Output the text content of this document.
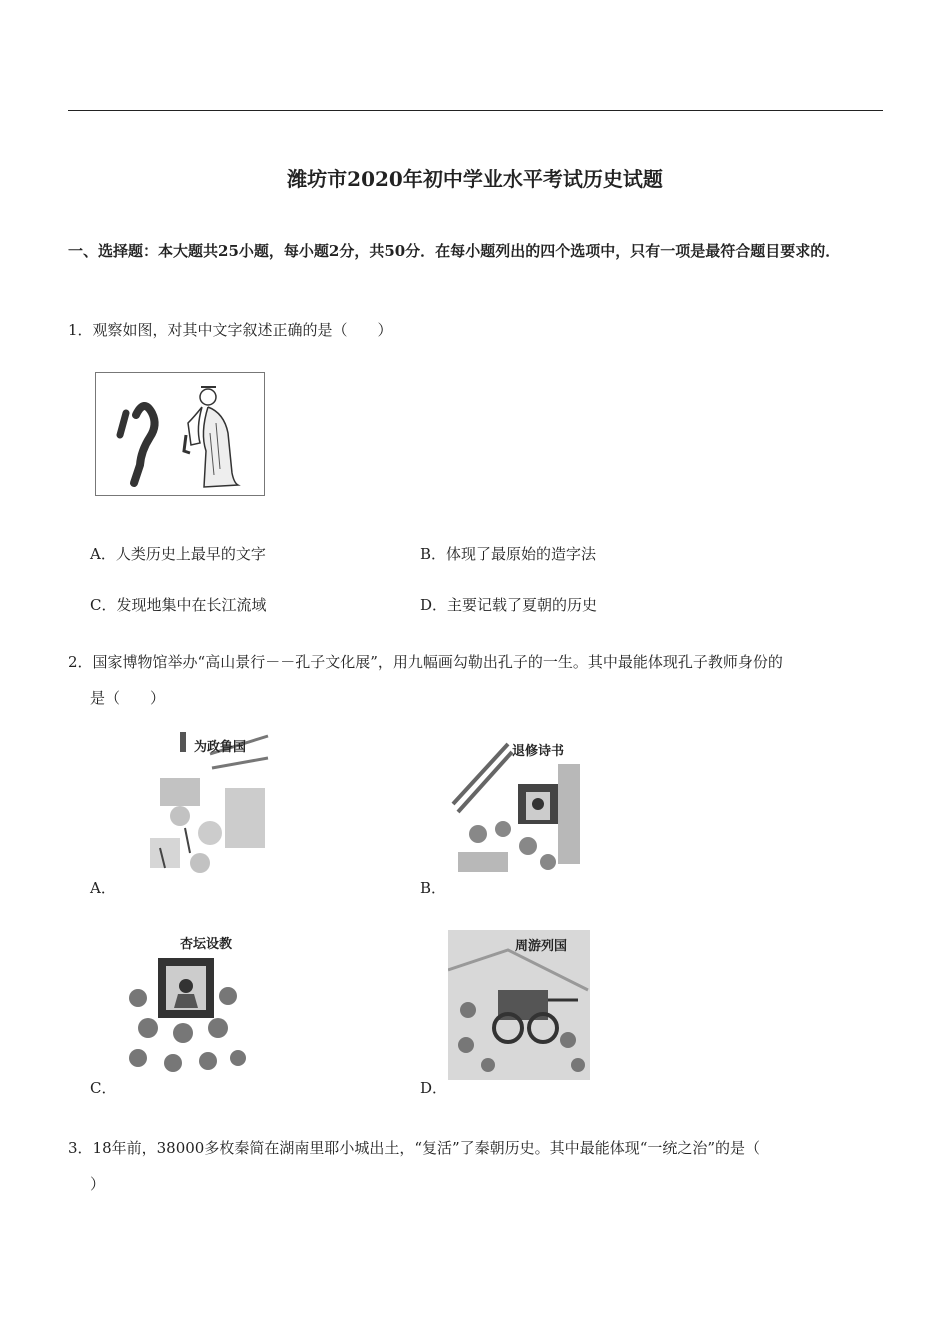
潍坊市2020年初中学业水平考试历史试题
一、选择题：本大题共25小题，每小题2分，共50分．在每小题列出的四个选项中，只有一项是最符合题目要求的．
1．观察如图，对其中文字叙述正确的是（　　）
A．人类历史上最早的文字	B．体现了最原始的造字法
C．发现地集中在长江流域	D．主要记载了夏朝的历史
2．国家博物馆举办“高山景行－－孔子文化展”，用九幅画勾勒出孔子的一生。其中最能体现孔子教师身份的
是（　　）
为政鲁国
A．
退修诗书
B．
杏坛设教
C．
周游列国
D．
3．18年前，38000多枚秦简在湖南里耶小城出土，“复活”了秦朝历史。其中最能体现“一统之治”的是（
）
